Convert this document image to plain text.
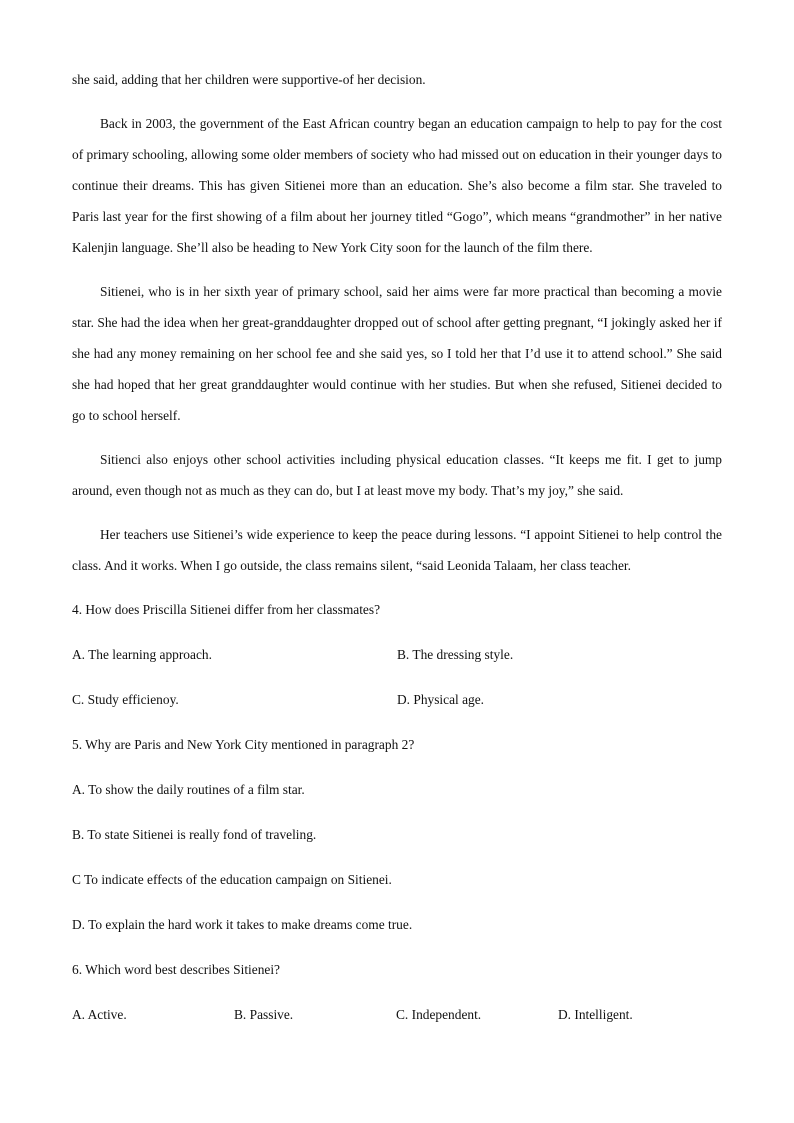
she said, adding that her children were supportive-of her decision.

Back in 2003, the government of the East African country began an education campaign to help to pay for the cost of primary schooling, allowing some older members of society who had missed out on education in their younger days to continue their dreams. This has given Sitienei more than an education. She’s also become a film star. She traveled to Paris last year for the first showing of a film about her journey titled “Gogo”, which means “grandmother” in her native Kalenjin language. She’ll also be heading to New York City soon for the launch of the film there.

Sitienei, who is in her sixth year of primary school, said her aims were far more practical than becoming a movie star. She had the idea when her great-granddaughter dropped out of school after getting pregnant, “I jokingly asked her if she had any money remaining on her school fee and she said yes, so I told her that I’d use it to attend school.” She said she had hoped that her great granddaughter would continue with her studies. But when she refused, Sitienei decided to go to school herself.

Sitienci also enjoys other school activities including physical education classes. “It keeps me fit. I get to jump around, even though not as much as they can do, but I at least move my body. That’s my joy,” she said.

Her teachers use Sitienei’s wide experience to keep the peace during lessons. “I appoint Sitienei to help control the class. And it works. When I go outside, the class remains silent, “said Leonida Talaam, her class teacher.

4. How does Priscilla Sitienei differ from her classmates?
A. The learning approach.	B. The dressing style.
C. Study efficienoy.	D. Physical age.
5. Why are Paris and New York City mentioned in paragraph 2?
A. To show the daily routines of a film star.
B. To state Sitienei is really fond of traveling.
C To indicate effects of the education campaign on Sitienei.
D. To explain the hard work it takes to make dreams come true.
6. Which word best describes Sitienei?
A. Active.	B. Passive.	C. Independent.	D. Intelligent.
